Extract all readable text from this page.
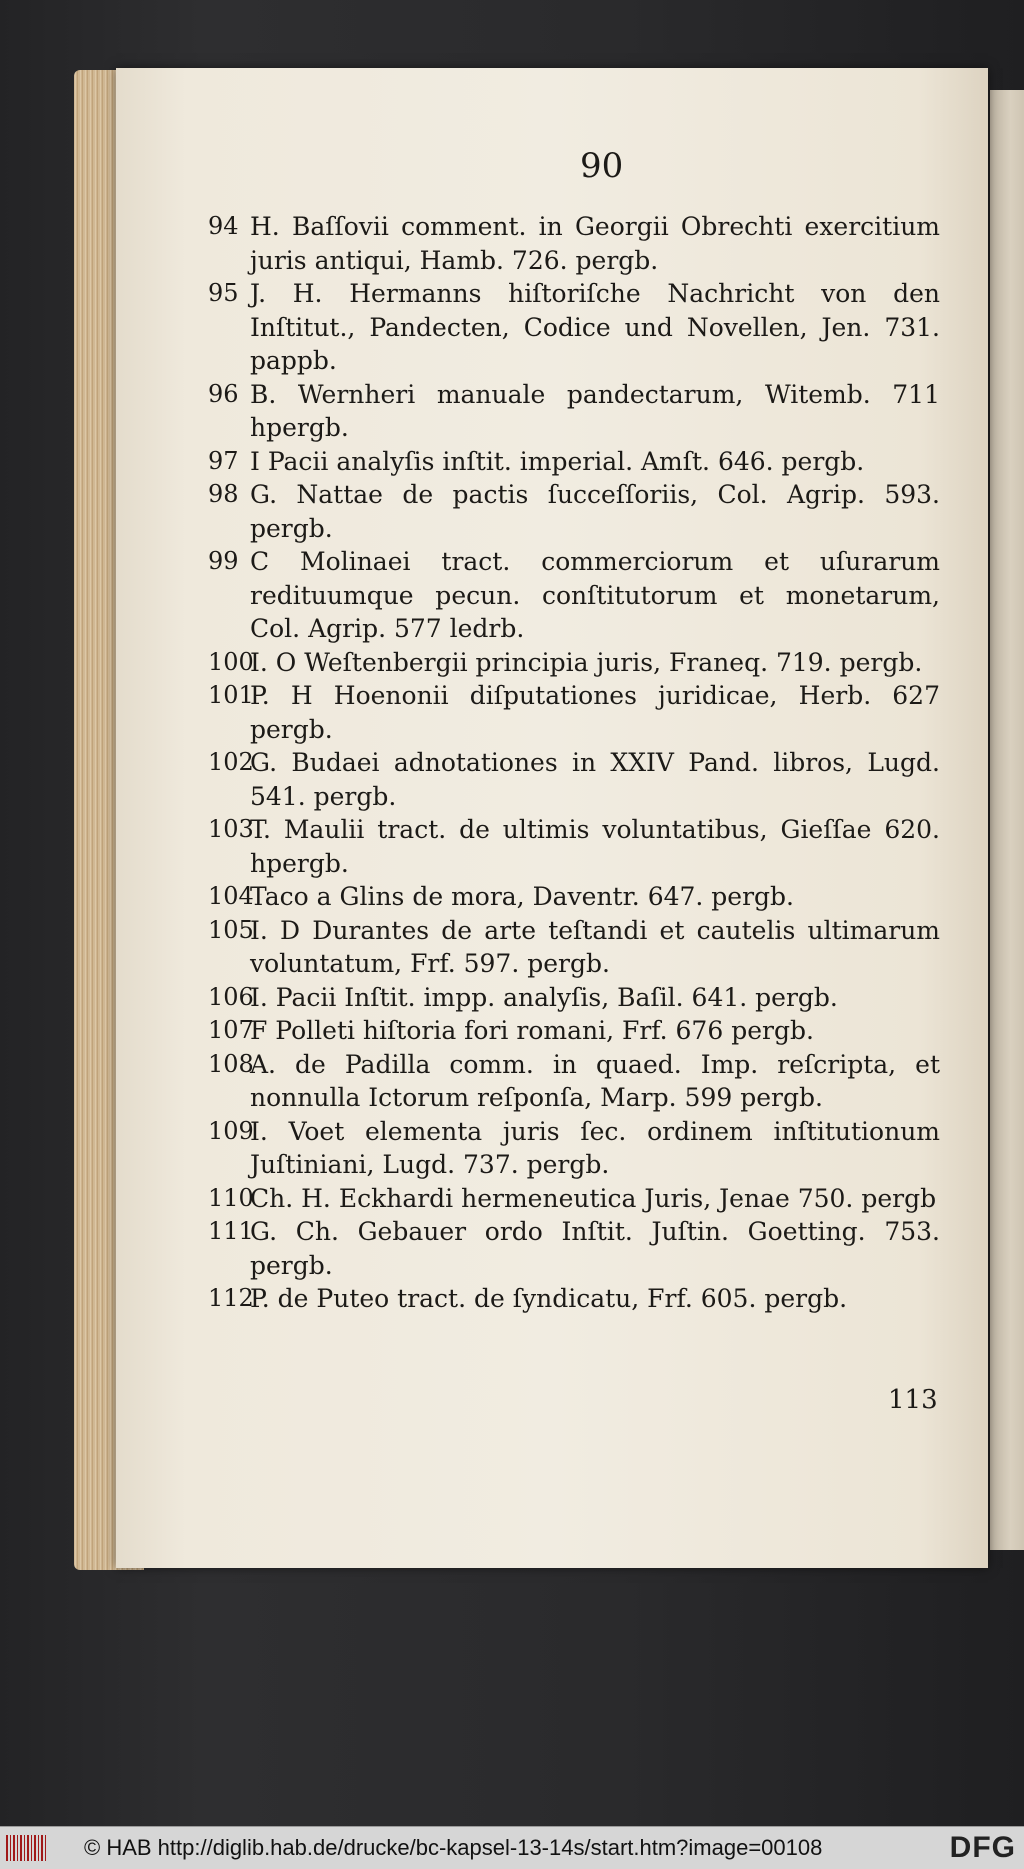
90
94 H. Baſſovii comment. in Georgii Obrechti exercitium juris antiqui, Hamb. 726. pergb.
95 J. H. Hermanns hiſtoriſche Nachricht von den Inſtitut., Pandecten, Codice und Novellen, Jen. 731. pappb.
96 B. Wernheri manuale pandectarum, Witemb. 711 hpergb.
97 I Pacii analyſis inſtit. imperial. Amſt. 646. pergb.
98 G. Nattae de pactis ſucceſſoriis, Col. Agrip. 593. pergb.
99 C Molinaei tract. commerciorum et uſurarum redituumque pecun. conſtitutorum et monetarum, Col. Agrip. 577 ledrb.
100
I. O Weſtenbergii principia juris, Franeq. 719. pergb.
101
P. H Hoenonii diſputationes juridicae, Herb. 627 pergb.
102
G. Budaei adnotationes in XXIV Pand. libros, Lugd. 541. pergb.
103
T. Maulii tract. de ultimis voluntatibus, Gieſſae 620. hpergb.
104
Taco a Glins de mora, Daventr. 647. pergb.
105
I. D Durantes de arte teſtandi et cautelis ultimarum voluntatum, Frf. 597. pergb.
106
I. Pacii Inſtit. impp. analyſis, Baſil. 641. pergb.
107
F Polleti hiſtoria fori romani, Frf. 676 pergb.
108
A. de Padilla comm. in quaed. Imp. reſcripta, et nonnulla Ictorum reſponſa, Marp. 599 pergb.
109
I. Voet elementa juris ſec. ordinem inſtitutionum Juſtiniani, Lugd. 737. pergb.
110
Ch. H. Eckhardi hermeneutica Juris, Jenae 750. pergb
111
G. Ch. Gebauer ordo Inſtit. Juſtin. Goetting. 753. pergb.
112
P. de Puteo tract. de ſyndicatu, Frf. 605. pergb.
113
© HAB http://diglib.hab.de/drucke/bc-kapsel-13-14s/start.htm?image=00108	DFG
